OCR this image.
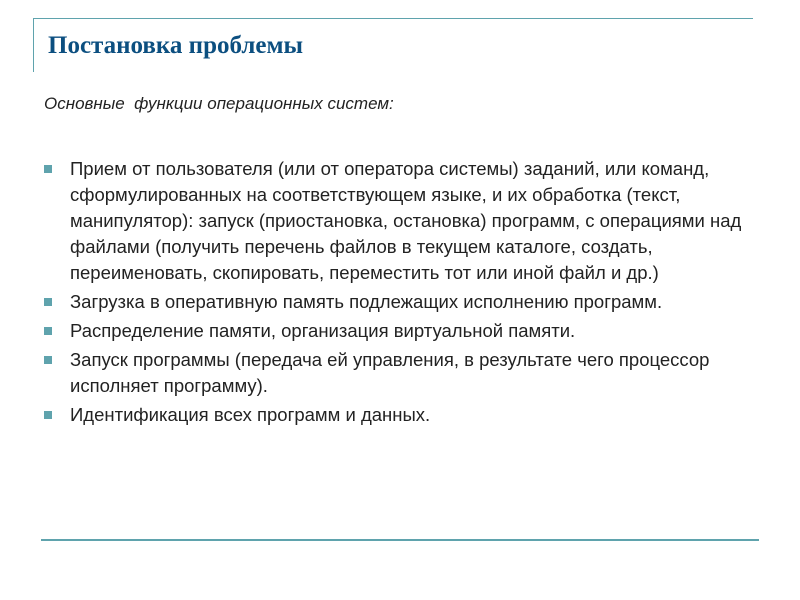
Постановка проблемы

Основные  функции операционных систем:

Прием от пользователя (или от оператора системы) заданий, или команд, сформулированных на соответствующем языке, и их обработка (текст, манипулятор): запуск (приостановка, остановка) программ, с операциями над файлами (получить перечень файлов в текущем каталоге, создать, переименовать, скопировать, переместить тот или иной файл и др.)
Загрузка в оперативную память подлежащих исполнению программ.
Распределение памяти, организация виртуальной памяти.
Запуск программы (передача ей управления, в результате чего процессор исполняет программу).
Идентификация всех программ и данных.
